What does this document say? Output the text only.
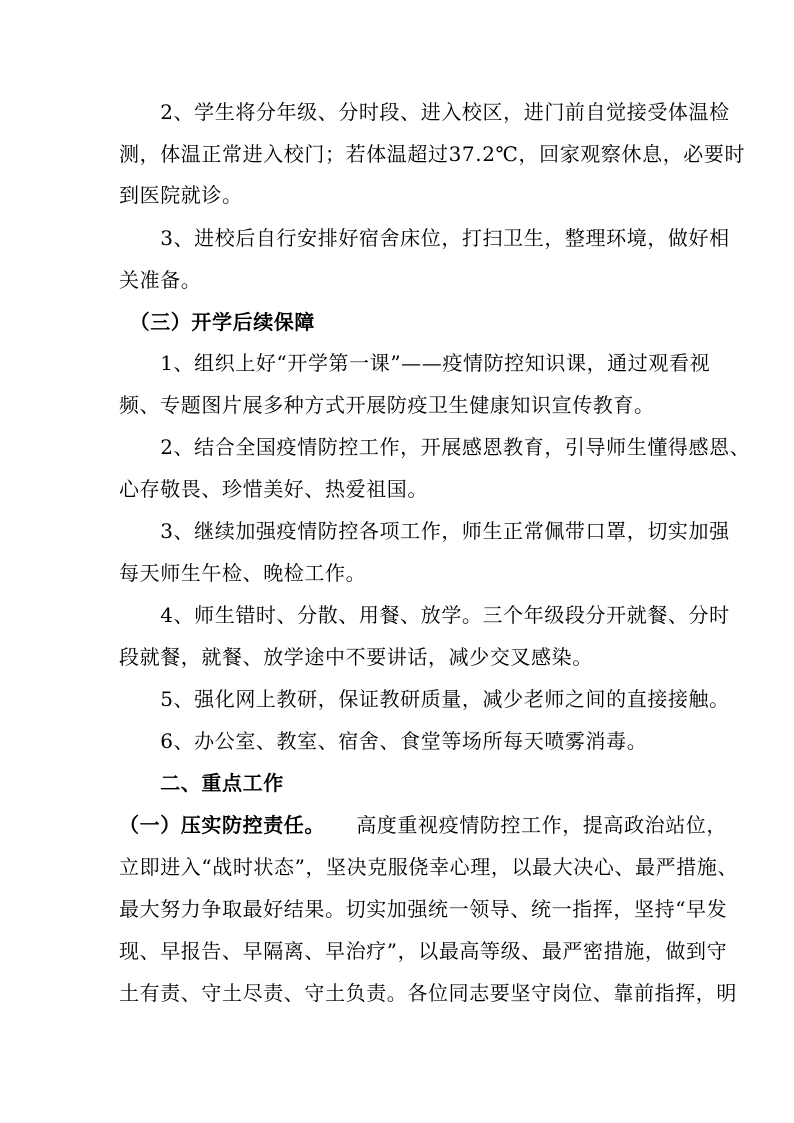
　　2、学生将分年级、分时段、进入校区，进门前自觉接受体温检
测，体温正常进入校门；若体温超过37.2℃，回家观察休息，必要时
到医院就诊。
　　3、进校后自行安排好宿舍床位，打扫卫生，整理环境，做好相
关准备。
　（三）开学后续保障
　　1、组织上好“开学第一课”——疫情防控知识课，通过观看视
频、专题图片展多种方式开展防疫卫生健康知识宣传教育。
　　2、结合全国疫情防控工作，开展感恩教育，引导师生懂得感恩、
心存敬畏、珍惜美好、热爱祖国。
　　3、继续加强疫情防控各项工作，师生正常佩带口罩，切实加强
每天师生午检、晚检工作。
　　4、师生错时、分散、用餐、放学。三个年级段分开就餐、分时
段就餐，就餐、放学途中不要讲话，减少交叉感染。
　　5、强化网上教研，保证教研质量，减少老师之间的直接接触。
　　6、办公室、教室、宿舍、食堂等场所每天喷雾消毒。
　　二、重点工作
（一）压实防控责任。　　高度重视疫情防控工作，提高政治站位，
立即进入“战时状态”，坚决克服侥幸心理，以最大决心、最严措施、
最大努力争取最好结果。切实加强统一领导、统一指挥，坚持“早发
现、早报告、早隔离、早治疗”，以最高等级、最严密措施，做到守
土有责、守土尽责、守土负责。各位同志要坚守岗位、靠前指挥，明
